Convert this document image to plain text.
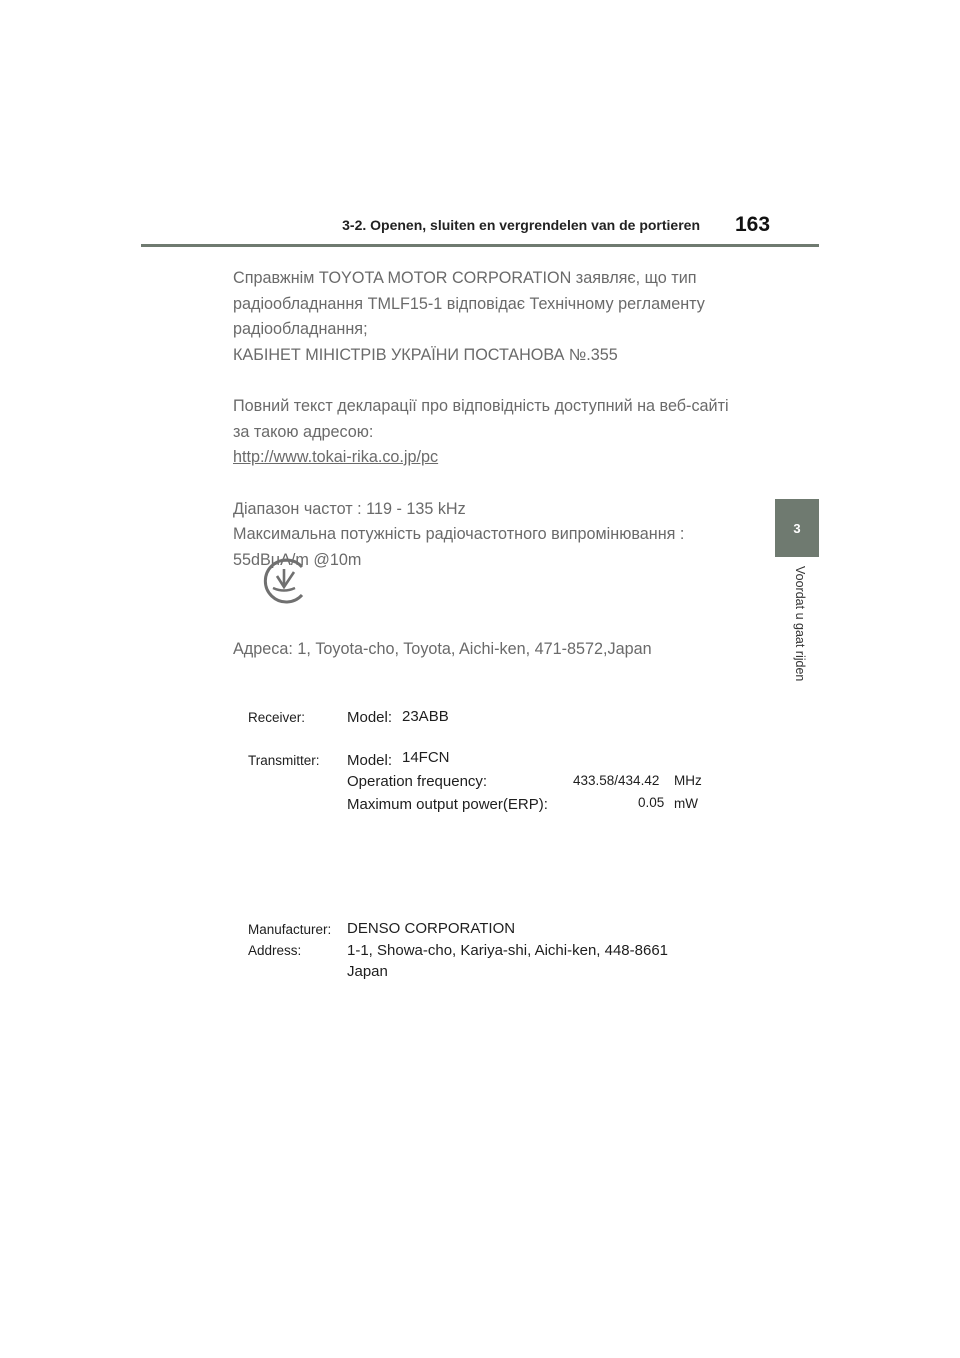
3-2. Openen, sluiten en vergrendelen van de portieren 163
3
Voordat u gaat rijden

Справжнім TOYOTA MOTOR CORPORATION заявляє, що тип

радіообладнання TMLF15-1 відповідає Технічному регламенту

радіообладнання;

КАБІНЕТ МІНІСТРІВ УКРАЇНИ ПОСТАНОВА №.355

Повний текст декларації про відповідність доступний на веб-сайті

за такою адресою:

http://www.tokai-rika.co.jp/pc

Діапазон частот : 119 - 135 kHz

Максимальна потужність радіочастотного випромінювання :

55dBμA/m @10m

Адреса: 1, Toyota-cho, Toyota, Aichi-ken, 471-8572,Japan
Receiver:	Model: 23ABB
Transmitter: Model: 14FCN
Operation frequency:	433.58/434.42 MHz
Maximum output power(ERP):	0.05 mW
Manufacturer: DENSO CORPORATION
Address:	1-1, Showa-cho, Kariya-shi, Aichi-ken, 448-8661
Japan
